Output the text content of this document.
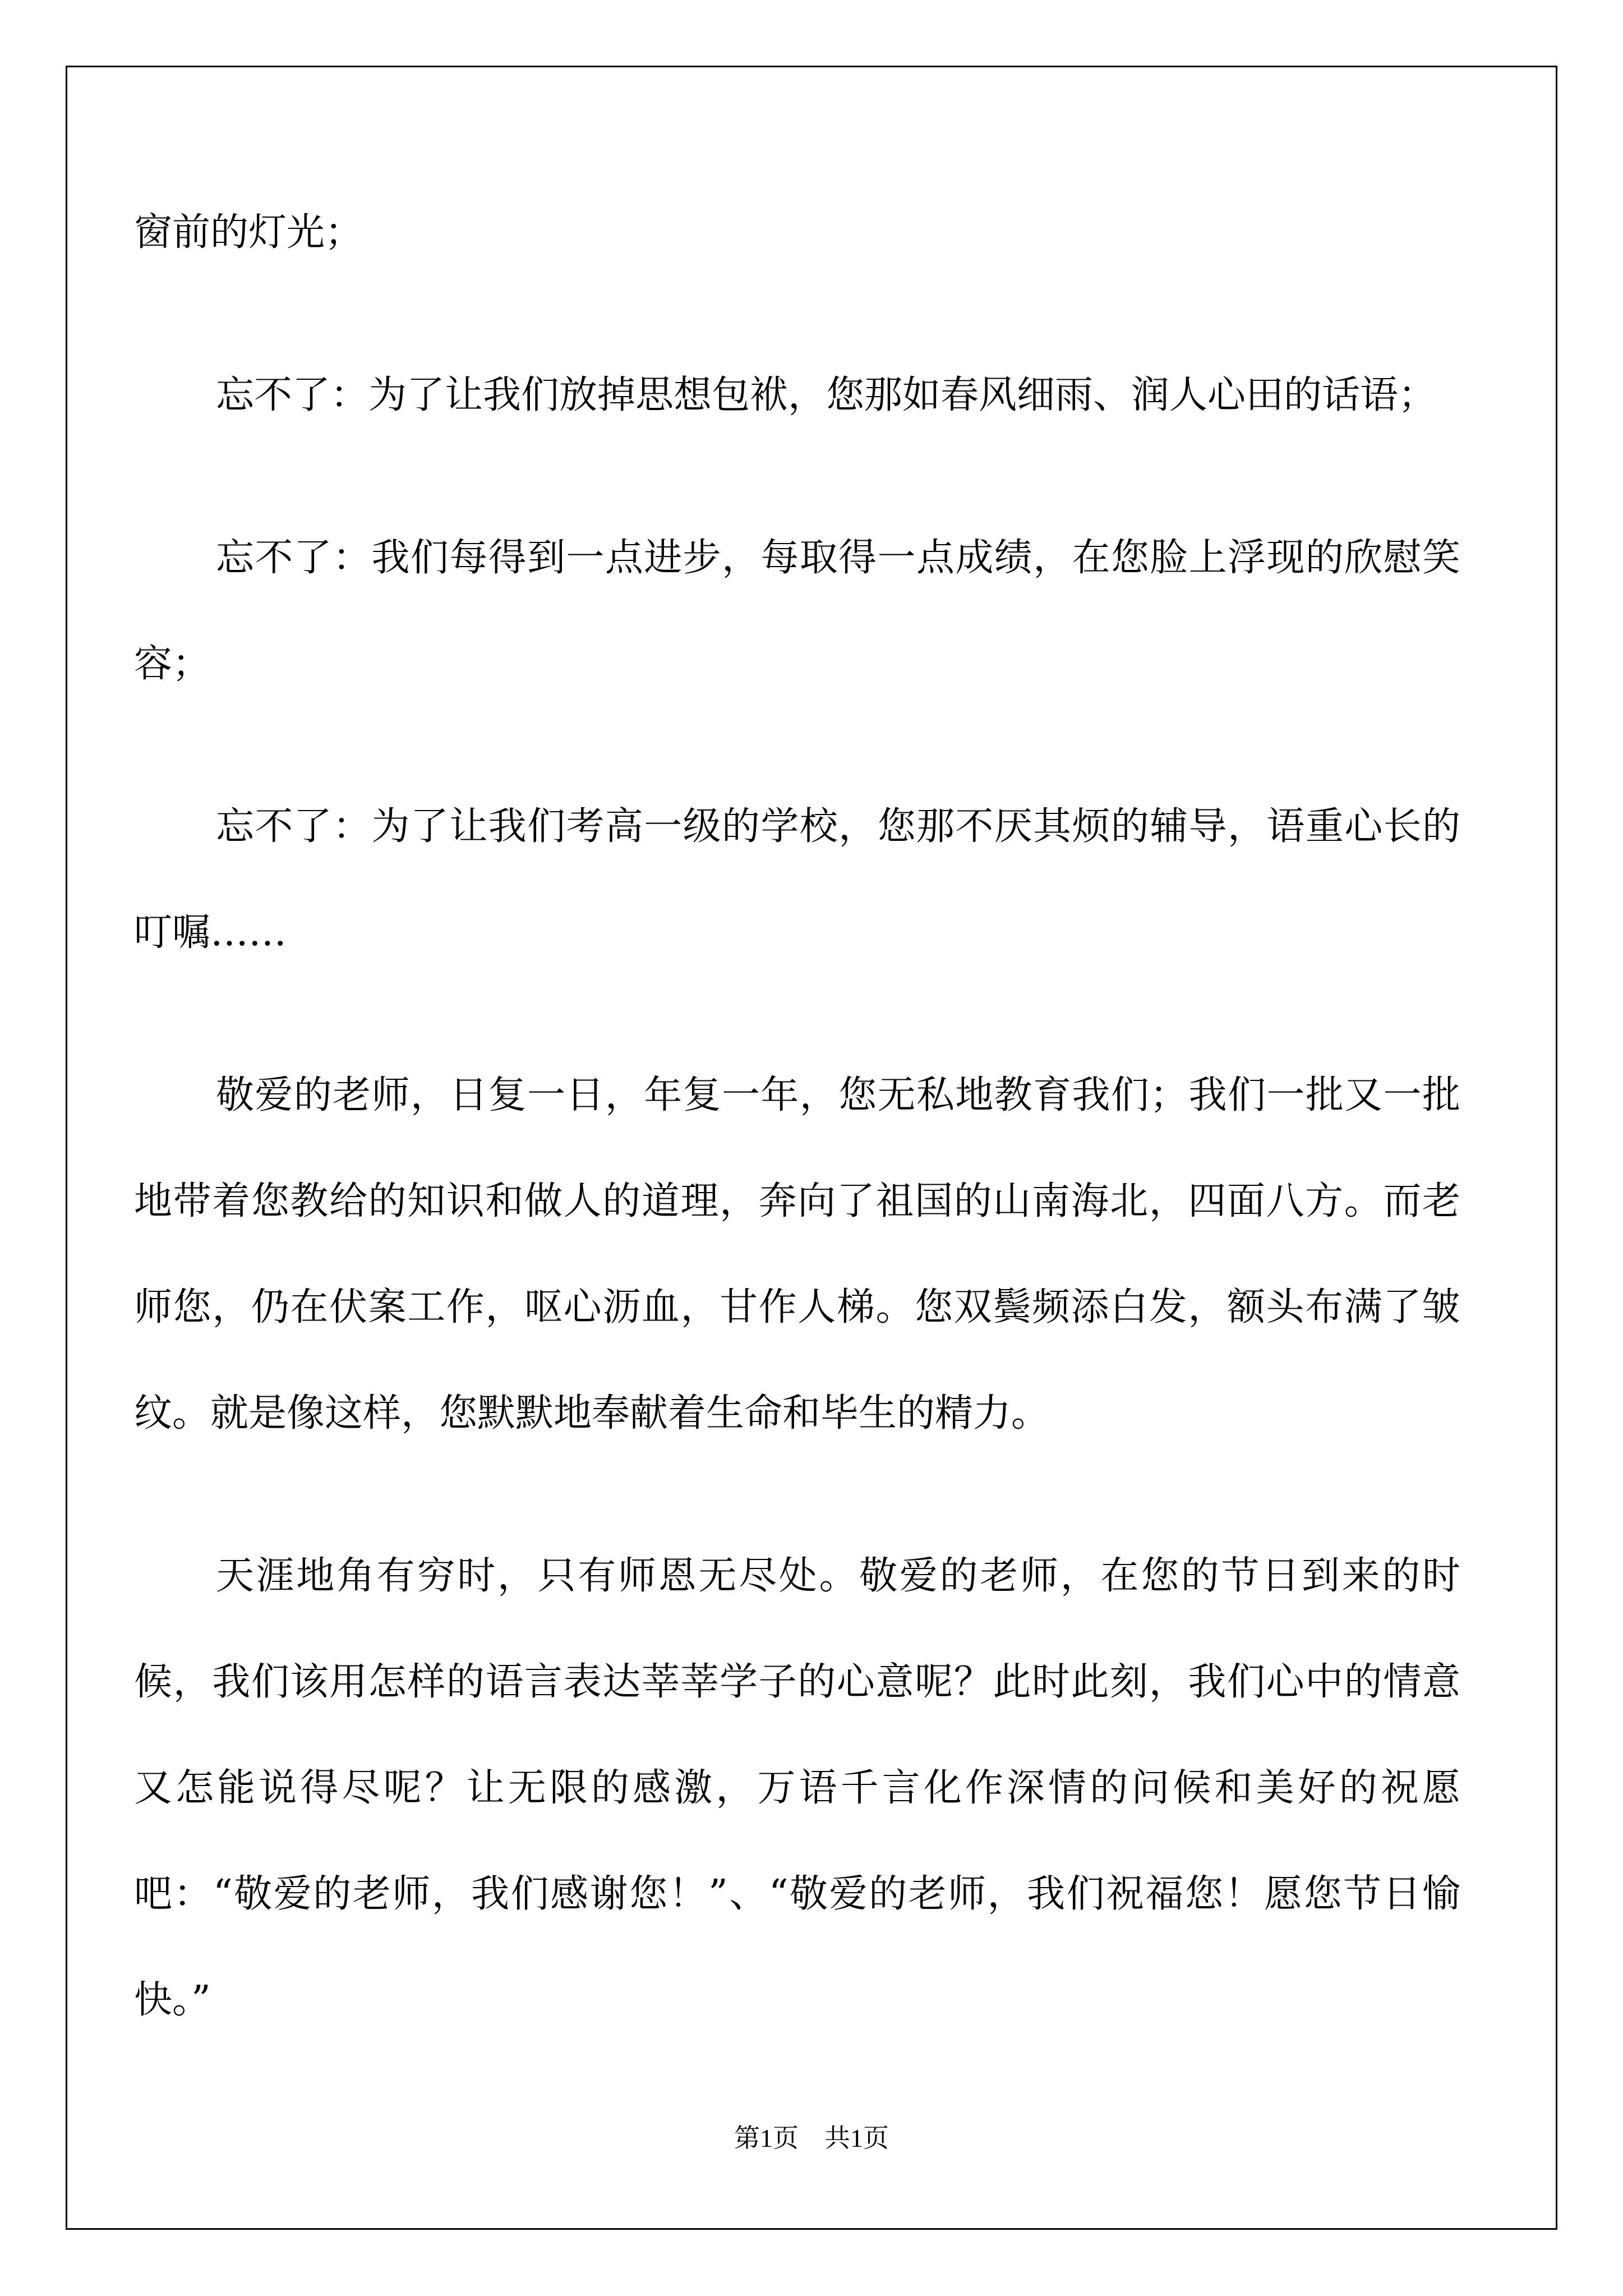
窗前的灯光；

忘不了：为了让我们放掉思想包袱，您那如春风细雨、润人心田的话语；

忘不了：我们每得到一点进步，每取得一点成绩，在您脸上浮现的欣慰笑容；

忘不了：为了让我们考高一级的学校，您那不厌其烦的辅导，语重心长的叮嘱……

敬爱的老师，日复一日，年复一年，您无私地教育我们；我们一批又一批地带着您教给的知识和做人的道理，奔向了祖国的山南海北，四面八方。而老师您，仍在伏案工作，呕心沥血，甘作人梯。您双鬓频添白发，额头布满了皱纹。就是像这样，您默默地奉献着生命和毕生的精力。

天涯地角有穷时，只有师恩无尽处。敬爱的老师，在您的节日到来的时候，我们该用怎样的语言表达莘莘学子的心意呢？此时此刻，我们心中的情意又怎能说得尽呢？让无限的感激，万语千言化作深情的问候和美好的祝愿吧：“敬爱的老师，我们感谢您！”、“敬爱的老师，我们祝福您！愿您节日愉快。”

第1页　共1页
